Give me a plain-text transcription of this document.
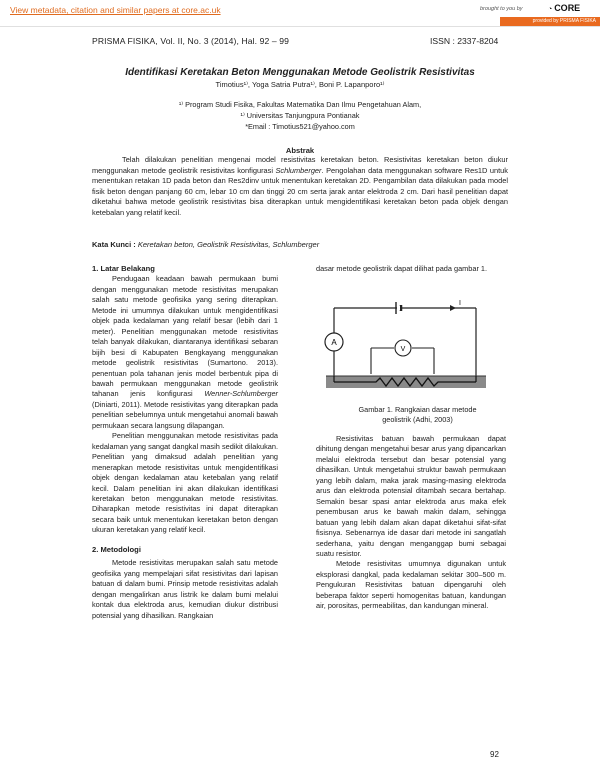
View metadata, citation and similar papers at core.ac.uk	brought to you by	◔ CORE
provided by PRISMA FISIKA
PRISMA FISIKA, Vol. II, No. 3 (2014), Hal. 92 – 99	ISSN : 2337-8204
Identifikasi Keretakan Beton Menggunakan Metode Geolistrik Resistivitas
Timotius¹⁾, Yoga Satria Putra¹⁾, Boni P. Lapanporo¹⁾
¹⁾ Program Studi Fisika, Fakultas Matematika Dan Ilmu Pengetahuan Alam,
¹⁾ Universitas Tanjungpura Pontianak
*Email : Timotius521@yahoo.com
Abstrak
Telah dilakukan penelitian mengenai model resistivitas keretakan beton. Resistivitas keretakan beton diukur menggunakan metode geolistrik resistivitas konfigurasi Schlumberger. Pengolahan data menggunakan software Res1D untuk menentukan retakan 1D pada beton dan Res2dinv untuk menentukan keretakan 2D. Pengambilan data dilakukan pada model fisik beton dengan panjang 60 cm, lebar 10 cm dan tinggi 20 cm serta jarak antar elektroda 2 cm. Dari hasil penelitian dapat diketahui bahwa metode geolistrik resistivitas bisa diterapkan untuk mengidentifikasi keretakan beton pada objek dengan ketebalan yang relatif kecil.
Kata Kunci : Keretakan beton, Geolistrik Resistivitas, Schlumberger
1. Latar Belakang

Pendugaan keadaan bawah permukaan bumi dengan menggunakan metode resistivitas merupakan salah satu metode geofisika yang sering diterapkan. Metode ini umumnya dilakukan untuk mengidentifikasi objek pada kedalaman yang relatif besar (lebih dari 1 meter). Penelitian menggunakan metode resistivitas telah banyak dilakukan, diantaranya identifikasi sebaran bijih besi di Kabupaten Bengkayang menggunakan metode geolistrik resistivitas (Sumartono. 2013). penentuan pola tahanan jenis model berbentuk pipa di bawah permukaan menggunakan metode geolistrik tahanan jenis konfigurasi Wenner-Schlumberger (Diniarti, 2011). Metode resistivitas yang diterapkan pada penelitian sebelumnya untuk mengetahui anomali bawah permukaan secara langsung dilapangan.

Penelitian menggunakan metode resistivitas pada kedalaman yang sangat dangkal masih sedikit dilakukan. Penelitian yang dimaksud adalah penelitian yang menerapkan metode resistivitas untuk mengidentifikasi objek dengan kedalaman atau ketebalan yang relatif kecil. Dalam penelitian ini akan dilakukan identifikasi keretakan beton menggunakan metode resistivitas. Diharapkan metode resistivitas ini dapat diterapkan secara baik untuk menentukan keretakan beton dengan ukuran keretakan yang relatif kecil.

2. Metodologi

Metode resistivitas merupakan salah satu metode geofisika yang mempelajari sifat resistivitas dari lapisan batuan di dalam bumi. Prinsip metode resistivitas adalah dengan mengalirkan arus listrik ke dalam bumi melalui kontak dua elektroda arus, kemudian diukur distribusi potensial yang dihasilkan. Rangkaian

dasar metode geolistrik dapat dilihat pada gambar 1.

I
A
V
Gambar 1. Rangkaian dasar metode
geolistrik (Adhi, 2003)

Resistivitas batuan bawah permukaan dapat dihitung dengan mengetahui besar arus yang dipancarkan melalui elektroda tersebut dan besar potensial yang dihasilkan. Untuk mengetahui struktur bawah permukaan yang lebih dalam, maka jarak masing-masing elektroda arus dan elektroda potensial ditambah secara bertahap. Semakin besar spasi antar elektroda arus maka efek penembusan arus ke bawah makin dalam, sehingga batuan yang lebih dalam akan dapat diketahui sifat-sifat fisisnya. Sebenarnya ide dasar dari metode ini sangatlah sederhana, yaitu dengan menganggap bumi sebagai suatu resistor.

Metode resistivitas umumnya digunakan untuk eksplorasi dangkal, pada kedalaman sekitar 300–500 m. Pengukuran Resistivitas batuan dipengaruhi oleh beberapa faktor seperti homogenitas batuan, kandungan air, porositas, permeabilitas, dan kandungan mineral.

92
